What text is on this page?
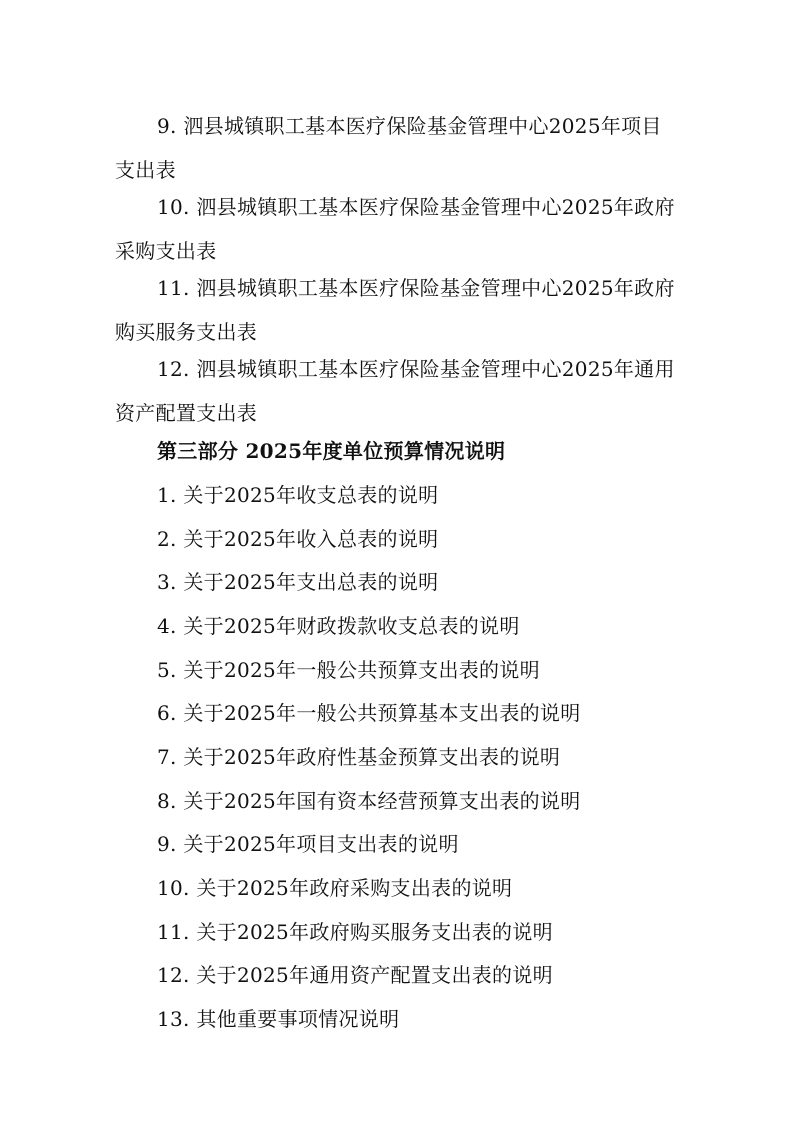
9. 泗县城镇职工基本医疗保险基金管理中心2025年项目支出表

10. 泗县城镇职工基本医疗保险基金管理中心2025年政府采购支出表

11. 泗县城镇职工基本医疗保险基金管理中心2025年政府购买服务支出表

12. 泗县城镇职工基本医疗保险基金管理中心2025年通用资产配置支出表

第三部分 2025年度单位预算情况说明

1. 关于2025年收支总表的说明

2. 关于2025年收入总表的说明

3. 关于2025年支出总表的说明

4. 关于2025年财政拨款收支总表的说明

5. 关于2025年一般公共预算支出表的说明

6. 关于2025年一般公共预算基本支出表的说明

7. 关于2025年政府性基金预算支出表的说明

8. 关于2025年国有资本经营预算支出表的说明

9. 关于2025年项目支出表的说明

10. 关于2025年政府采购支出表的说明

11. 关于2025年政府购买服务支出表的说明

12. 关于2025年通用资产配置支出表的说明

13. 其他重要事项情况说明
